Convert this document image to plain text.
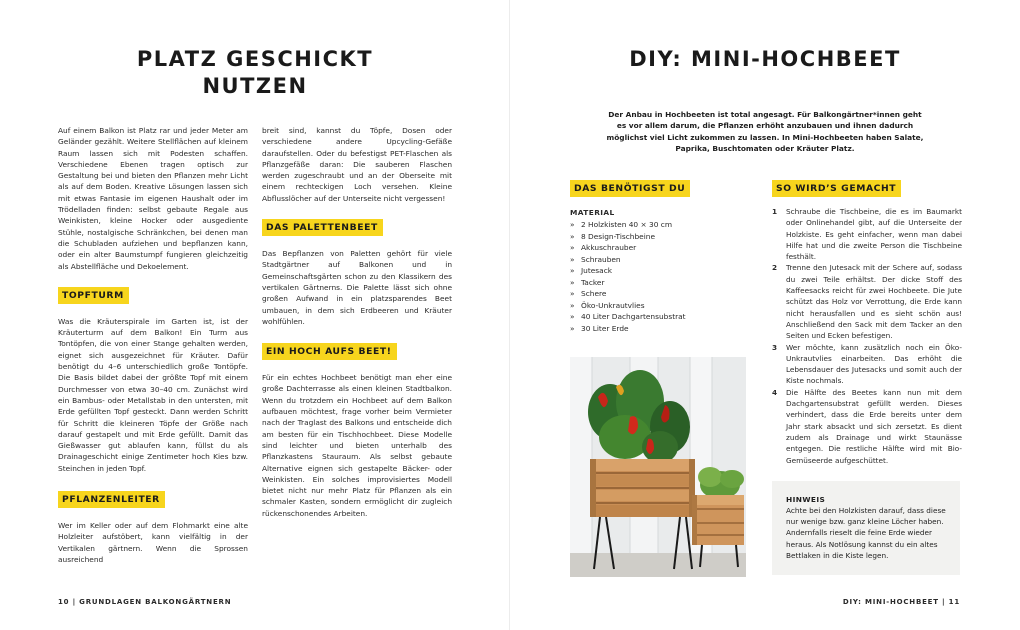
PLATZ GESCHICKT
NUTZEN

Auf einem Balkon ist Platz rar und jeder Meter am Geländer gezählt. Weitere Stellflächen auf kleinem Raum lassen sich mit Podesten schaffen. Verschiedene Ebenen tragen optisch zur Gestaltung bei und bieten den Pflanzen mehr Licht als auf dem Boden. Kreative Lösungen lassen sich mit etwas Fantasie im eigenen Haushalt oder im Trödelladen finden: selbst gebaute Regale aus Weinkisten, kleine Hocker oder ausgediente Stühle, nostalgische Schränkchen, bei denen man die Schubladen aufziehen und bepflanzen kann, oder ein alter Baumstumpf fungieren gleichzeitig als Abstellfläche und Dekoelement.

TOPFTURM

Was die Kräuterspirale im Garten ist, ist der Kräuterturm auf dem Balkon! Ein Turm aus Tontöpfen, die von einer Stange gehalten werden, eignet sich ausgezeichnet für Kräuter. Dafür benötigt du 4–6 unterschiedlich große Tontöpfe. Die Basis bildet dabei der größte Topf mit einem Durchmesser von etwa 30–40 cm. Zunächst wird ein Bambus- oder Metallstab in den untersten, mit Erde gefüllten Topf gesteckt. Dann werden Schritt für Schritt die kleineren Töpfe der Größe nach darauf gestapelt und mit Erde gefüllt. Damit das Gießwasser gut ablaufen kann, füllst du als Drainageschicht einige Zentimeter hoch Kies bzw. Steinchen in jeden Topf.

PFLANZENLEITER

Wer im Keller oder auf dem Flohmarkt eine alte Holzleiter aufstöbert, kann vielfältig in der Vertikalen gärtnern. Wenn die Sprossen ausreichend

breit sind, kannst du Töpfe, Dosen oder verschiedene andere Upcycling-Gefäße daraufstellen. Oder du befestigst PET-Flaschen als Pflanzgefäße daran: Die sauberen Flaschen werden zugeschraubt und an der Oberseite mit einem rechteckigen Loch versehen. Kleine Abflusslöcher auf der Unterseite nicht vergessen!

DAS PALETTENBEET

Das Bepflanzen von Paletten gehört für viele Stadtgärtner auf Balkonen und in Gemeinschaftsgärten schon zu den Klassikern des vertikalen Gärtnerns. Die Palette lässt sich ohne großen Aufwand in ein platzsparendes Beet umbauen, in dem sich Erdbeeren und Kräuter wohlfühlen.

EIN HOCH AUFS BEET!

Für ein echtes Hochbeet benötigt man eher eine große Dachterrasse als einen kleinen Stadtbalkon. Wenn du trotzdem ein Hochbeet auf dem Balkon aufbauen möchtest, frage vorher beim Vermieter nach der Traglast des Balkons und entscheide dich am besten für ein Tischhochbeet. Diese Modelle sind leichter und bieten unterhalb des Pflanzkastens Stauraum. Als selbst gebaute Alternative eignen sich gestapelte Bäcker- oder Weinkisten. Ein solches improvisiertes Modell bietet nicht nur mehr Platz für Pflanzen als ein schmaler Kasten, sondern ermöglicht dir zugleich rückenschonendes Arbeiten.

10 | GRUNDLAGEN BALKONGÄRTNERN
DIY: MINI-HOCHBEET
Der Anbau in Hochbeeten ist total angesagt. Für Balkongärtner*innen geht es vor allem darum, die Pflanzen erhöht anzubauen und ihnen dadurch möglichst viel Licht zukommen zu lassen. In Mini-Hochbeeten haben Salate, Paprika, Buschtomaten oder Kräuter Platz.
DAS BENÖTIGST DU
MATERIAL
» 2 Holzkisten 40 × 30 cm
» 8 Design-Tischbeine
» Akkuschrauber
» Schrauben
» Jutesack
» Tacker
» Schere
» Öko-Unkrautvlies
» 40 Liter Dachgartensubstrat
» 30 Liter Erde
SO WIRD’S GEMACHT
1 Schraube die Tischbeine, die es im Baumarkt oder Onlinehandel gibt, auf die Unterseite der Holzkiste. Es geht einfacher, wenn man dabei Hilfe hat und die zweite Person die Tischbeine festhält.
2 Trenne den Jutesack mit der Schere auf, sodass du zwei Teile erhältst. Der dicke Stoff des Kaffeesacks reicht für zwei Hochbeete. Die Jute schützt das Holz vor Verrottung, die Erde kann nicht herausfallen und es sieht schön aus! Anschließend den Sack mit dem Tacker an den Seiten und Ecken befestigen.
3 Wer möchte, kann zusätzlich noch ein Öko-Unkrautvlies einarbeiten. Das erhöht die Lebensdauer des Jutesacks und somit auch der Kiste nochmals.
4 Die Hälfte des Beetes kann nun mit dem Dachgartensubstrat gefüllt werden. Dieses verhindert, dass die Erde bereits unter dem Jahr stark absackt und sich zersetzt. Es dient zudem als Drainage und wirkt Staunässe entgegen. Die restliche Hälfte wird mit Bio-Gemüseerde aufgeschüttet.
HINWEIS
Achte bei den Holzkisten darauf, dass diese nur wenige bzw. ganz kleine Löcher haben. Andernfalls rieselt die feine Erde wieder heraus. Als Notlösung kannst du ein altes Bettlaken in die Kiste legen.
DIY: MINI-HOCHBEET | 11
